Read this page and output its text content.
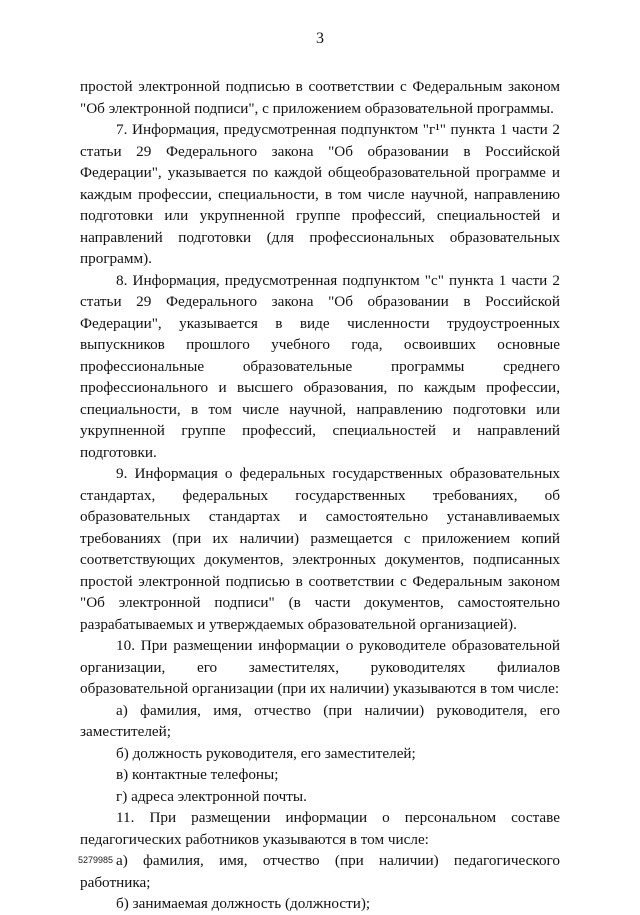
3

простой электронной подписью в соответствии с Федеральным законом "Об электронной подписи", с приложением образовательной программы.

7. Информация, предусмотренная подпунктом "г¹" пункта 1 части 2 статьи 29 Федерального закона "Об образовании в Российской Федерации", указывается по каждой общеобразовательной программе и каждым профессии, специальности, в том числе научной, направлению подготовки или укрупненной группе профессий, специальностей и направлений подготовки (для профессиональных образовательных программ).

8. Информация, предусмотренная подпунктом "с" пункта 1 части 2 статьи 29 Федерального закона "Об образовании в Российской Федерации", указывается в виде численности трудоустроенных выпускников прошлого учебного года, освоивших основные профессиональные образовательные программы среднего профессионального и высшего образования, по каждым профессии, специальности, в том числе научной, направлению подготовки или укрупненной группе профессий, специальностей и направлений подготовки.

9. Информация о федеральных государственных образовательных стандартах, федеральных государственных требованиях, об образовательных стандартах и самостоятельно устанавливаемых требованиях (при их наличии) размещается с приложением копий соответствующих документов, электронных документов, подписанных простой электронной подписью в соответствии с Федеральным законом "Об электронной подписи" (в части документов, самостоятельно разрабатываемых и утверждаемых образовательной организацией).

10. При размещении информации о руководителе образовательной организации, его заместителях, руководителях филиалов образовательной организации (при их наличии) указываются в том числе:

а) фамилия, имя, отчество (при наличии) руководителя, его заместителей;

б) должность руководителя, его заместителей;

в) контактные телефоны;

г) адреса электронной почты.

11. При размещении информации о персональном составе педагогических работников указываются в том числе:

а) фамилия, имя, отчество (при наличии) педагогического работника;

б) занимаемая должность (должности);

5279985
